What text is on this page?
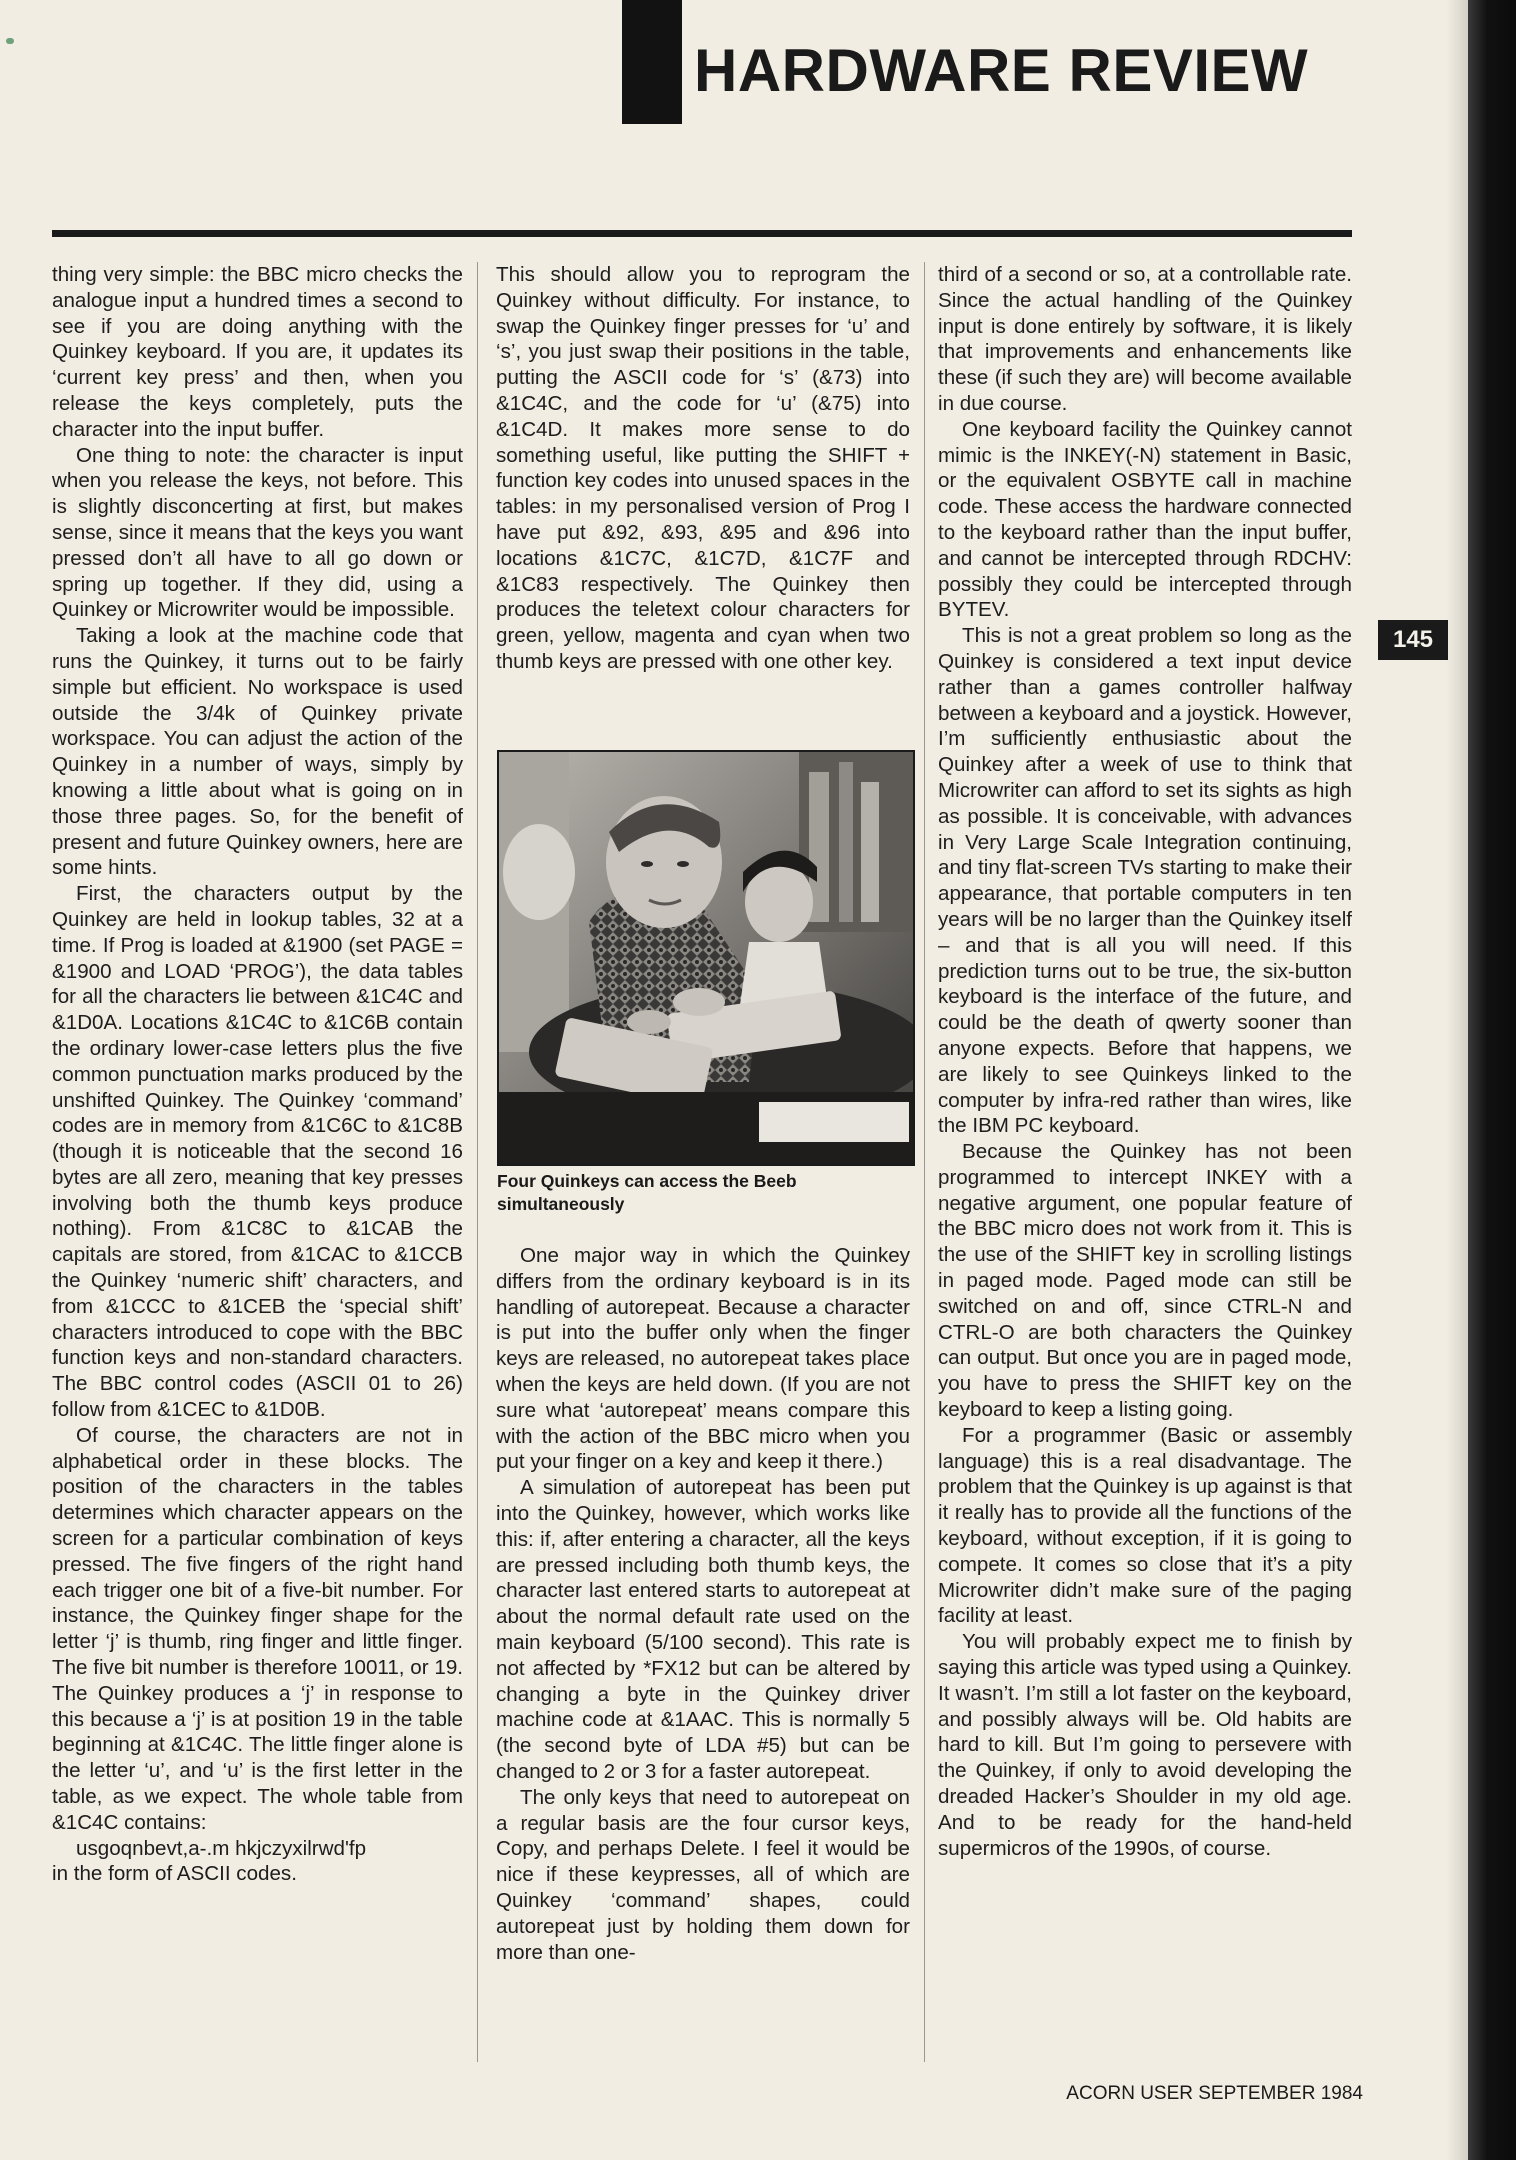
HARDWARE REVIEW

thing very simple: the BBC micro checks the analogue input a hundred times a second to see if you are doing anything with the Quinkey keyboard. If you are, it updates its ‘current key press’ and then, when you release the keys completely, puts the character into the input buffer.

One thing to note: the character is input when you release the keys, not before. This is slightly disconcerting at first, but makes sense, since it means that the keys you want pressed don’t all have to all go down or spring up together. If they did, using a Quinkey or Microwriter would be impossible.

Taking a look at the machine code that runs the Quinkey, it turns out to be fairly simple but efficient. No workspace is used outside the 3/4k of Quinkey private workspace. You can adjust the action of the Quinkey in a number of ways, simply by knowing a little about what is going on in those three pages. So, for the benefit of present and future Quinkey owners, here are some hints.

First, the characters output by the Quinkey are held in lookup tables, 32 at a time. If Prog is loaded at &1900 (set PAGE = &1900 and LOAD ‘PROG’), the data tables for all the characters lie between &1C4C and &1D0A. Locations &1C4C to &1C6B contain the ordinary lower-case letters plus the five common punctuation marks produced by the unshifted Quinkey. The Quinkey ‘command’ codes are in memory from &1C6C to &1C8B (though it is noticeable that the second 16 bytes are all zero, meaning that key presses involving both the thumb keys produce nothing). From &1C8C to &1CAB the capitals are stored, from &1CAC to &1CCB the Quinkey ‘numeric shift’ characters, and from &1CCC to &1CEB the ‘special shift’ characters introduced to cope with the BBC function keys and non-standard characters. The BBC control codes (ASCII 01 to 26) follow from &1CEC to &1D0B.

Of course, the characters are not in alphabetical order in these blocks. The position of the characters in the tables determines which character appears on the screen for a particular combination of keys pressed. The five fingers of the right hand each trigger one bit of a five-bit number. For instance, the Quinkey finger shape for the letter ‘j’ is thumb, ring finger and little finger. The five bit number is therefore 10011, or 19. The Quinkey produces a ‘j’ in response to this because a ‘j’ is at position 19 in the table beginning at &1C4C. The little finger alone is the letter ‘u’, and ‘u’ is the first letter in the table, as we expect. The whole table from &1C4C contains:

usgoqnbevt,a-.m hkjczyxilrwd'fp

in the form of ASCII codes.

This should allow you to reprogram the Quinkey without difficulty. For instance, to swap the Quinkey finger presses for ‘u’ and ‘s’, you just swap their positions in the table, putting the ASCII code for ‘s’ (&73) into &1C4C, and the code for ‘u’ (&75) into &1C4D. It makes more sense to do something useful, like putting the SHIFT + function key codes into unused spaces in the tables: in my personalised version of Prog I have put &92, &93, &95 and &96 into locations &1C7C, &1C7D, &1C7F and &1C83 respectively. The Quinkey then produces the teletext colour characters for green, yellow, magenta and cyan when two thumb keys are pressed with one other key.

Four Quinkeys can access the Beeb simultaneously

One major way in which the Quinkey differs from the ordinary keyboard is in its handling of autorepeat. Because a character is put into the buffer only when the finger keys are released, no autorepeat takes place when the keys are held down. (If you are not sure what ‘autorepeat’ means compare this with the action of the BBC micro when you put your finger on a key and keep it there.)

A simulation of autorepeat has been put into the Quinkey, however, which works like this: if, after entering a character, all the keys are pressed including both thumb keys, the character last entered starts to autorepeat at about the normal default rate used on the main keyboard (5/100 second). This rate is not affected by *FX12 but can be altered by changing a byte in the Quinkey driver machine code at &1AAC. This is normally 5 (the second byte of LDA #5) but can be changed to 2 or 3 for a faster autorepeat.

The only keys that need to autorepeat on a regular basis are the four cursor keys, Copy, and perhaps Delete. I feel it would be nice if these keypresses, all of which are Quinkey ‘command’ shapes, could autorepeat just by holding them down for more than one-

third of a second or so, at a controllable rate. Since the actual handling of the Quinkey input is done entirely by software, it is likely that improvements and enhancements like these (if such they are) will become available in due course.

One keyboard facility the Quinkey cannot mimic is the INKEY(-N) statement in Basic, or the equivalent OSBYTE call in machine code. These access the hardware connected to the keyboard rather than the input buffer, and cannot be intercepted through RDCHV: possibly they could be intercepted through BYTEV.

This is not a great problem so long as the Quinkey is considered a text input device rather than a games controller halfway between a keyboard and a joystick. However, I’m sufficiently enthusiastic about the Quinkey after a week of use to think that Microwriter can afford to set its sights as high as possible. It is conceivable, with advances in Very Large Scale Integration continuing, and tiny flat-screen TVs starting to make their appearance, that portable computers in ten years will be no larger than the Quinkey itself – and that is all you will need. If this prediction turns out to be true, the six-button keyboard is the interface of the future, and could be the death of qwerty sooner than anyone expects. Before that happens, we are likely to see Quinkeys linked to the computer by infra-red rather than wires, like the IBM PC keyboard.

Because the Quinkey has not been programmed to intercept INKEY with a negative argument, one popular feature of the BBC micro does not work from it. This is the use of the SHIFT key in scrolling listings in paged mode. Paged mode can still be switched on and off, since CTRL-N and CTRL-O are both characters the Quinkey can output. But once you are in paged mode, you have to press the SHIFT key on the keyboard to keep a listing going.

For a programmer (Basic or assembly language) this is a real disadvantage. The problem that the Quinkey is up against is that it really has to provide all the functions of the keyboard, without exception, if it is going to compete. It comes so close that it’s a pity Microwriter didn’t make sure of the paging facility at least.

You will probably expect me to finish by saying this article was typed using a Quinkey. It wasn’t. I’m still a lot faster on the keyboard, and possibly always will be. Old habits are hard to kill. But I’m going to persevere with the Quinkey, if only to avoid developing the dreaded Hacker’s Shoulder in my old age. And to be ready for the hand-held supermicros of the 1990s, of course.

145
ACORN USER SEPTEMBER 1984
